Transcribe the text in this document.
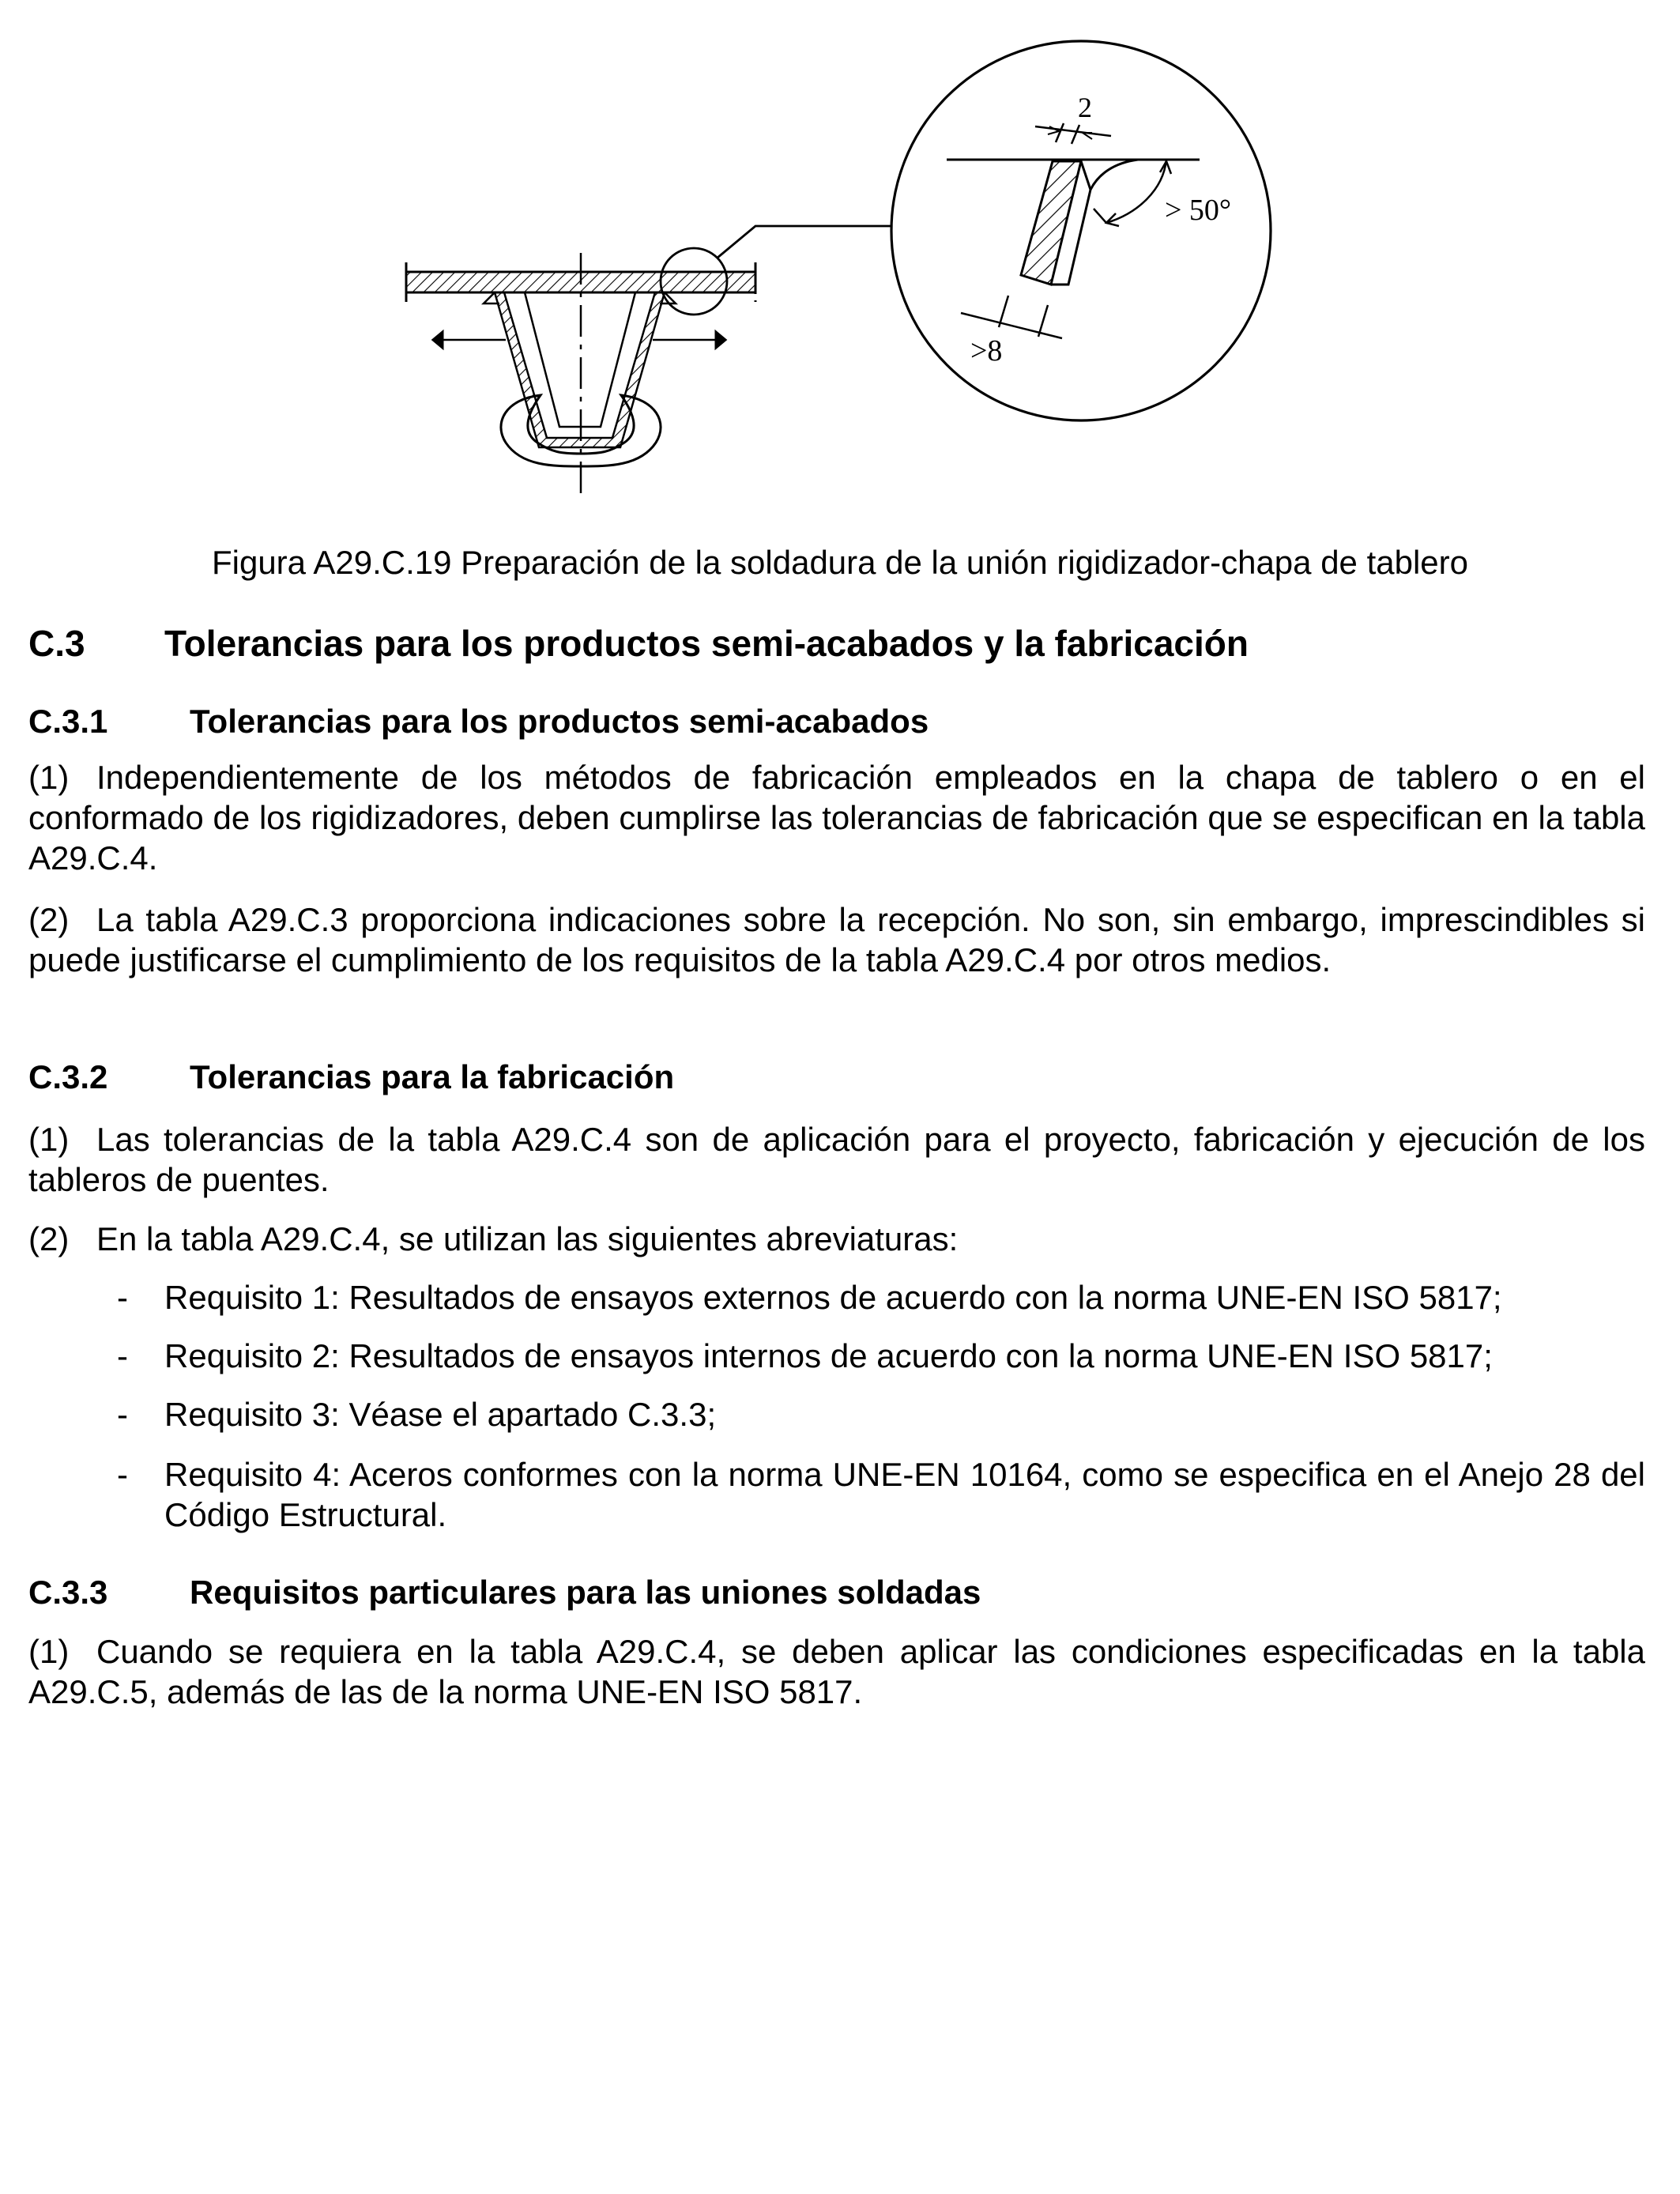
2
> 50°
>8
Figura A29.C.19 Preparación de la soldadura de la unión rigidizador-chapa de tablero
C.3 Tolerancias para los productos semi-acabados y la fabricación
C.3.1 Tolerancias para los productos semi-acabados
(1) Independientemente de los métodos de fabricación empleados en la chapa de tablero o en el conformado de los rigidizadores, deben cumplirse las tolerancias de fabricación que se especifican en la tabla A29.C.4.
(2) La tabla A29.C.3 proporciona indicaciones sobre la recepción. No son, sin embargo, imprescindibles si puede justificarse el cumplimiento de los requisitos de la tabla A29.C.4 por otros medios.
C.3.2 Tolerancias para la fabricación
(1) Las tolerancias de la tabla A29.C.4 son de aplicación para el proyecto, fabricación y ejecución de los tableros de puentes.
(2) En la tabla A29.C.4, se utilizan las siguientes abreviaturas:
- Requisito 1: Resultados de ensayos externos de acuerdo con la norma UNE-EN ISO 5817;
- Requisito 2: Resultados de ensayos internos de acuerdo con la norma UNE-EN ISO 5817;
- Requisito 3: Véase el apartado C.3.3;
- Requisito 4: Aceros conformes con la norma UNE-EN 10164, como se especifica en el Anejo 28 del Código Estructural.
C.3.3 Requisitos particulares para las uniones soldadas
(1) Cuando se requiera en la tabla A29.C.4, se deben aplicar las condiciones especificadas en la tabla A29.C.5, además de las de la norma UNE-EN ISO 5817.
